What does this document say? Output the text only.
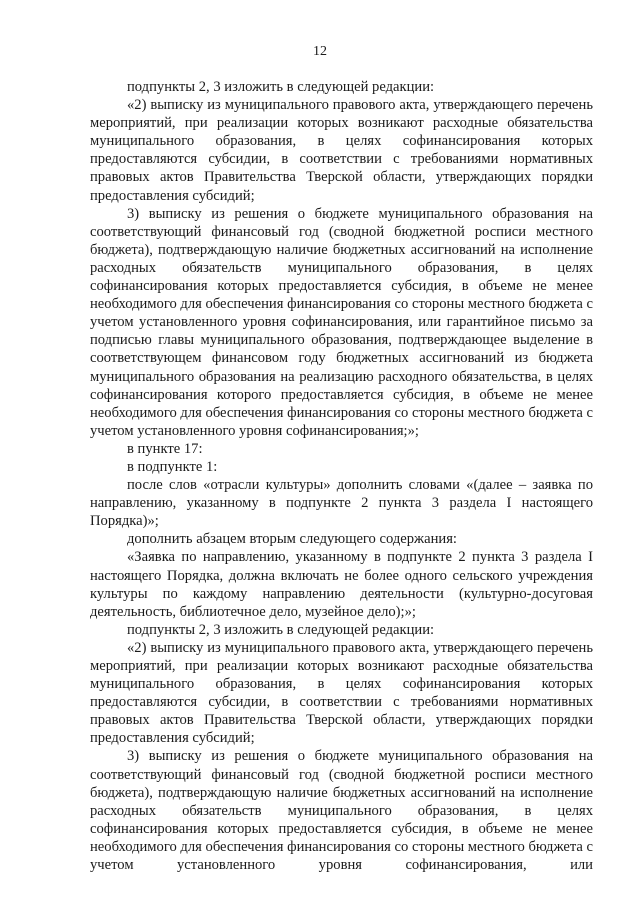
12

подпункты 2, 3 изложить в следующей редакции:

«2) выписку из муниципального правового акта, утверждающего перечень мероприятий, при реализации которых возникают расходные обязательства муниципального образования, в целях софинансирования которых предоставляются субсидии, в соответствии с требованиями нормативных правовых актов Правительства Тверской области, утверждающих порядки предоставления субсидий;

3) выписку из решения о бюджете муниципального образования на соответствующий финансовый год (сводной бюджетной росписи местного бюджета), подтверждающую наличие бюджетных ассигнований на исполнение расходных обязательств муниципального образования, в целях софинансирования которых предоставляется субсидия, в объеме не менее необходимого для обеспечения финансирования со стороны местного бюджета с учетом установленного уровня софинансирования, или гарантийное письмо за подписью главы муниципального образования, подтверждающее выделение в соответствующем финансовом году бюджетных ассигнований из бюджета муниципального образования на реализацию расходного обязательства, в целях софинансирования которого предоставляется субсидия, в объеме не менее необходимого для обеспечения финансирования со стороны местного бюджета с учетом установленного уровня софинансирования;»;

в пункте 17:

в подпункте 1:

после слов «отрасли культуры» дополнить словами «(далее – заявка по направлению, указанному в подпункте 2 пункта 3 раздела I настоящего Порядка)»;

дополнить абзацем вторым следующего содержания:

«Заявка по направлению, указанному в подпункте 2 пункта 3 раздела I настоящего Порядка, должна включать не более одного сельского учреждения культуры по каждому направлению деятельности (культурно-досуговая деятельность, библиотечное дело, музейное дело);»;

подпункты 2, 3 изложить в следующей редакции:

«2) выписку из муниципального правового акта, утверждающего перечень мероприятий, при реализации которых возникают расходные обязательства муниципального образования, в целях софинансирования которых предоставляются субсидии, в соответствии с требованиями нормативных правовых актов Правительства Тверской области, утверждающих порядки предоставления субсидий;

3) выписку из решения о бюджете муниципального образования на соответствующий финансовый год (сводной бюджетной росписи местного бюджета), подтверждающую наличие бюджетных ассигнований на исполнение расходных обязательств муниципального образования, в целях софинансирования которых предоставляется субсидия, в объеме не менее необходимого для обеспечения финансирования со стороны местного бюджета с учетом установленного уровня софинансирования, или
